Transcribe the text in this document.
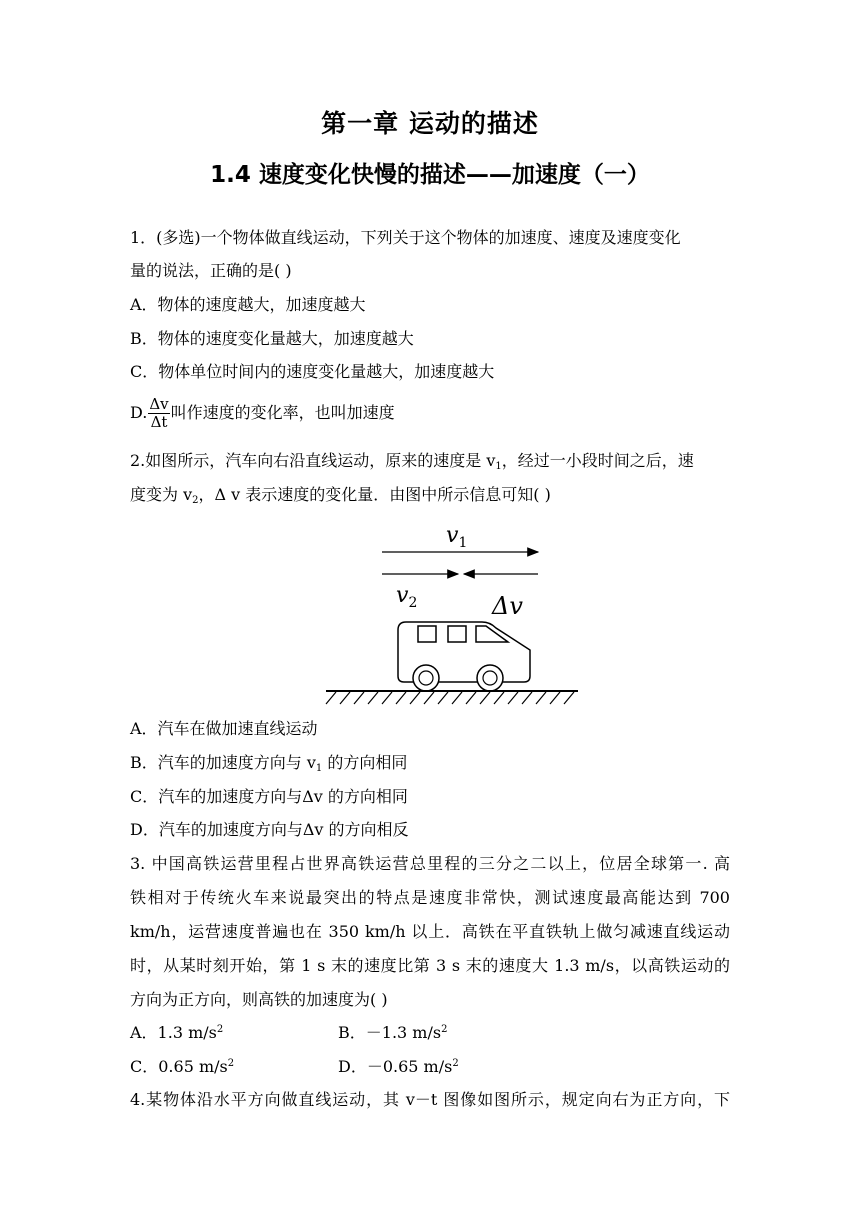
第一章 运动的描述
1.4 速度变化快慢的描述——加速度（一）
1．(多选)一个物体做直线运动，下列关于这个物体的加速度、速度及速度变化
量的说法，正确的是( )
A．物体的速度越大，加速度越大
B．物体的速度变化量越大，加速度越大
C．物体单位时间内的速度变化量越大，加速度越大
D. $\frac{\Delta v}{\Delta t}$ 叫作速度的变化率，也叫加速度
2.如图所示，汽车向右沿直线运动，原来的速度是 $v_1$，经过一小段时间之后，速
度变为 $v_2$，Δ v 表示速度的变化量．由图中所示信息可知( )
$v_1$
$v_2$	Δv
A．汽车在做加速直线运动
B．汽车的加速度方向与 $v_1$ 的方向相同
C．汽车的加速度方向与Δv 的方向相同
D．汽车的加速度方向与Δv 的方向相反
3. 中国高铁运营里程占世界高铁运营总里程的三分之二以上，位居全球第一. 高
铁相对于传统火车来说最突出的特点是速度非常快，测试速度最高能达到 700
km/h，运营速度普遍也在 350 km/h 以上．高铁在平直铁轨上做匀减速直线运动
时，从某时刻开始，第 1 s 末的速度比第 3 s 末的速度大 1.3 m/s，以高铁运动的
方向为正方向，则高铁的加速度为( )
A．1.3 $m/s^2$	B．－1.3 $m/s^2$
C．0.65 $m/s^2$	D．－0.65 $m/s^2$
4.某物体沿水平方向做直线运动，其 v－t 图像如图所示，规定向右为正方向，下
